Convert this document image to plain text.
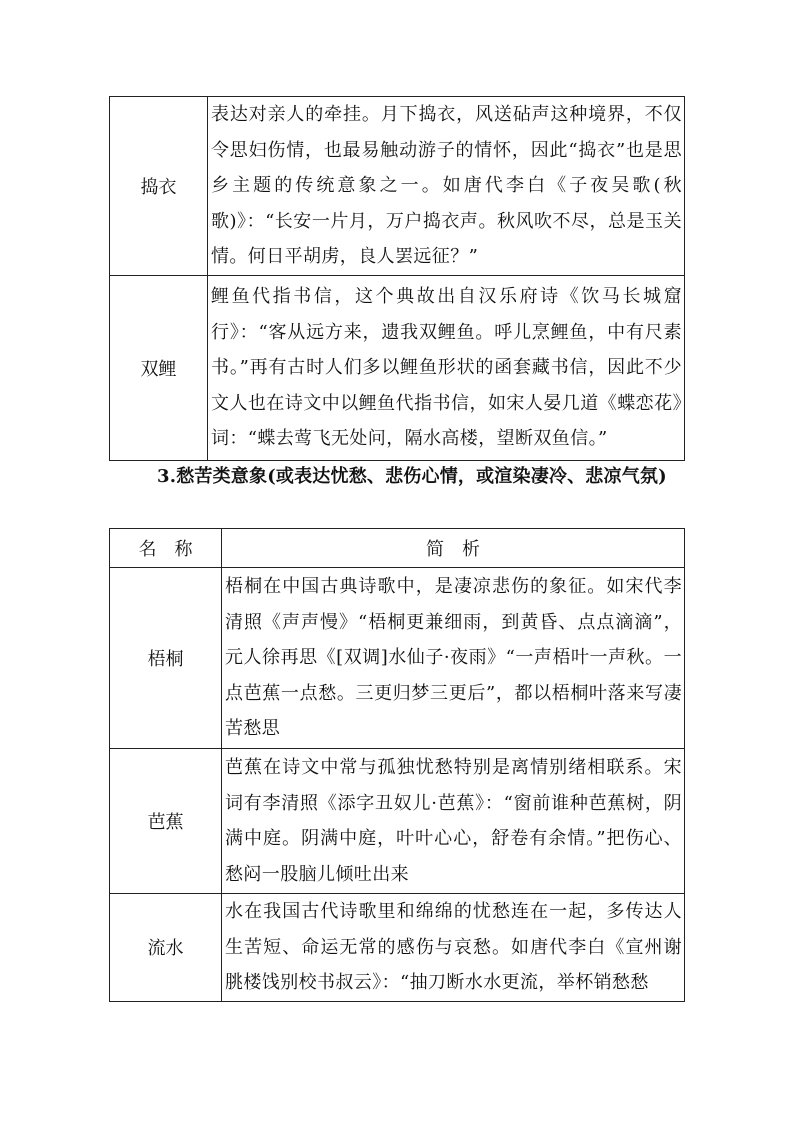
捣衣	表达对亲人的牵挂。月下捣衣，风送砧声这种境界，不仅令思妇伤情，也最易触动游子的情怀，因此“捣衣”也是思乡主题的传统意象之一。如唐代李白《子夜吴歌(秋歌)》：“长安一片月，万户捣衣声。秋风吹不尽，总是玉关情。何日平胡虏，良人罢远征？”
双鲤	鲤鱼代指书信，这个典故出自汉乐府诗《饮马长城窟行》：“客从远方来，遗我双鲤鱼。呼儿烹鲤鱼，中有尺素书。”再有古时人们多以鲤鱼形状的函套藏书信，因此不少文人也在诗文中以鲤鱼代指书信，如宋人晏几道《蝶恋花》词：“蝶去莺飞无处问，隔水高楼，望断双鱼信。”
3.愁苦类意象(或表达忧愁、悲伤心情，或渲染凄冷、悲凉气氛)
名　称	简　析
梧桐	梧桐在中国古典诗歌中，是凄凉悲伤的象征。如宋代李清照《声声慢》“梧桐更兼细雨，到黄昏、点点滴滴”，元人徐再思《[双调]水仙子·夜雨》“一声梧叶一声秋。一点芭蕉一点愁。三更归梦三更后”，都以梧桐叶落来写凄苦愁思
芭蕉	芭蕉在诗文中常与孤独忧愁特别是离情别绪相联系。宋词有李清照《添字丑奴儿·芭蕉》：“窗前谁种芭蕉树，阴满中庭。阴满中庭，叶叶心心，舒卷有余情。”把伤心、愁闷一股脑儿倾吐出来
流水	水在我国古代诗歌里和绵绵的忧愁连在一起，多传达人生苦短、命运无常的感伤与哀愁。如唐代李白《宣州谢朓楼饯别校书叔云》：“抽刀断水水更流，举杯销愁愁
